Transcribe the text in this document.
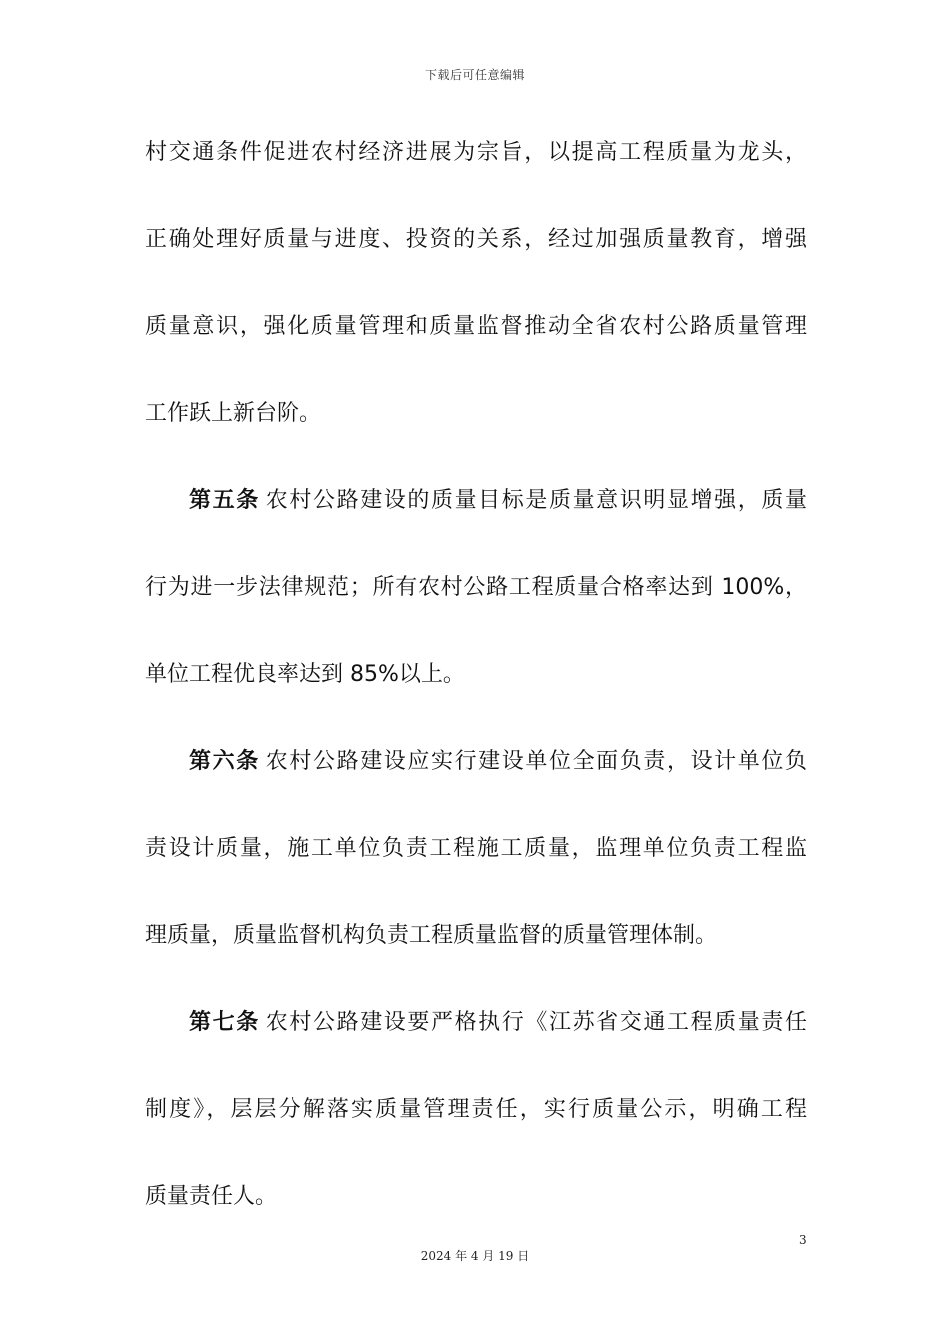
下载后可任意编辑
村交通条件促进农村经济进展为宗旨，以提高工程质量为龙头，
正确处理好质量与进度、投资的关系，经过加强质量教育，增强
质量意识，强化质量管理和质量监督推动全省农村公路质量管理
工作跃上新台阶。
第五条 农村公路建设的质量目标是质量意识明显增强，质量
行为进一步法律规范；所有农村公路工程质量合格率达到 100%，
单位工程优良率达到 85%以上。
第六条 农村公路建设应实行建设单位全面负责，设计单位负
责设计质量，施工单位负责工程施工质量，监理单位负责工程监
理质量，质量监督机构负责工程质量监督的质量管理体制。
第七条 农村公路建设要严格执行《江苏省交通工程质量责任
制度》，层层分解落实质量管理责任，实行质量公示，明确工程
质量责任人。
3
2024 年 4 月 19 日
